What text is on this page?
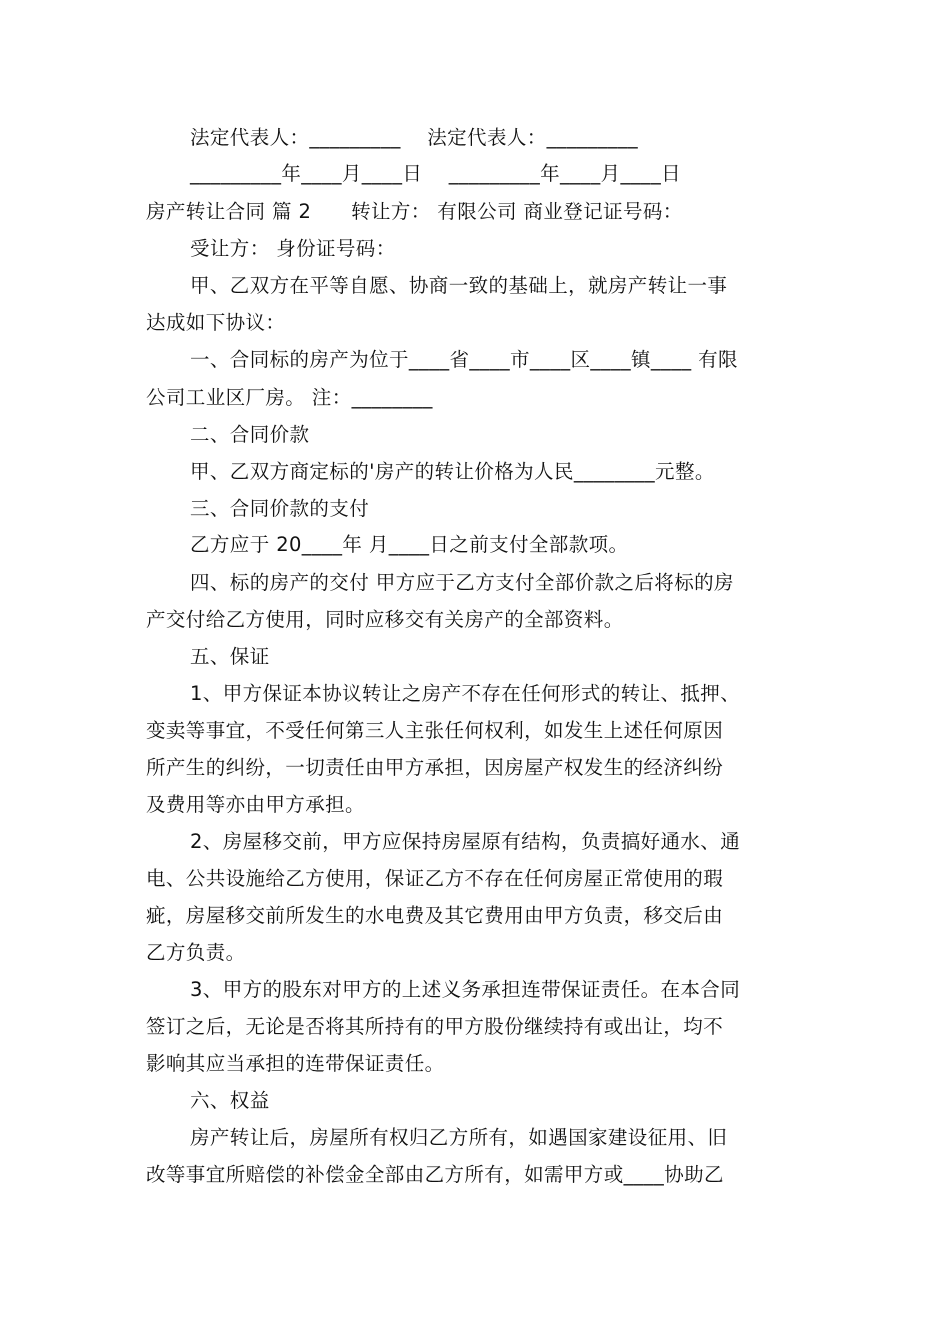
法定代表人：_________　 法定代表人：_________
_________年____月____日　 _________年____月____日
房产转让合同 篇 2　　转让方： 有限公司 商业登记证号码：
受让方： 身份证号码：
甲、乙双方在平等自愿、协商一致的基础上，就房产转让一事
达成如下协议：
一、合同标的房产为位于____省____市____区____镇____ 有限
公司工业区厂房。 注：________
二、合同价款
甲、乙双方商定标的'房产的转让价格为人民________元整。
三、合同价款的支付
乙方应于 20____年 月____日之前支付全部款项。
四、标的房产的交付 甲方应于乙方支付全部价款之后将标的房
产交付给乙方使用，同时应移交有关房产的全部资料。
五、保证
1、甲方保证本协议转让之房产不存在任何形式的转让、抵押、
变卖等事宜，不受任何第三人主张任何权利，如发生上述任何原因
所产生的纠纷，一切责任由甲方承担，因房屋产权发生的经济纠纷
及费用等亦由甲方承担。
2、房屋移交前，甲方应保持房屋原有结构，负责搞好通水、通
电、公共设施给乙方使用，保证乙方不存在任何房屋正常使用的瑕
疵，房屋移交前所发生的水电费及其它费用由甲方负责，移交后由
乙方负责。
3、甲方的股东对甲方的上述义务承担连带保证责任。在本合同
签订之后，无论是否将其所持有的甲方股份继续持有或出让，均不
影响其应当承担的连带保证责任。
六、权益
房产转让后，房屋所有权归乙方所有，如遇国家建设征用、旧
改等事宜所赔偿的补偿金全部由乙方所有，如需甲方或____协助乙
